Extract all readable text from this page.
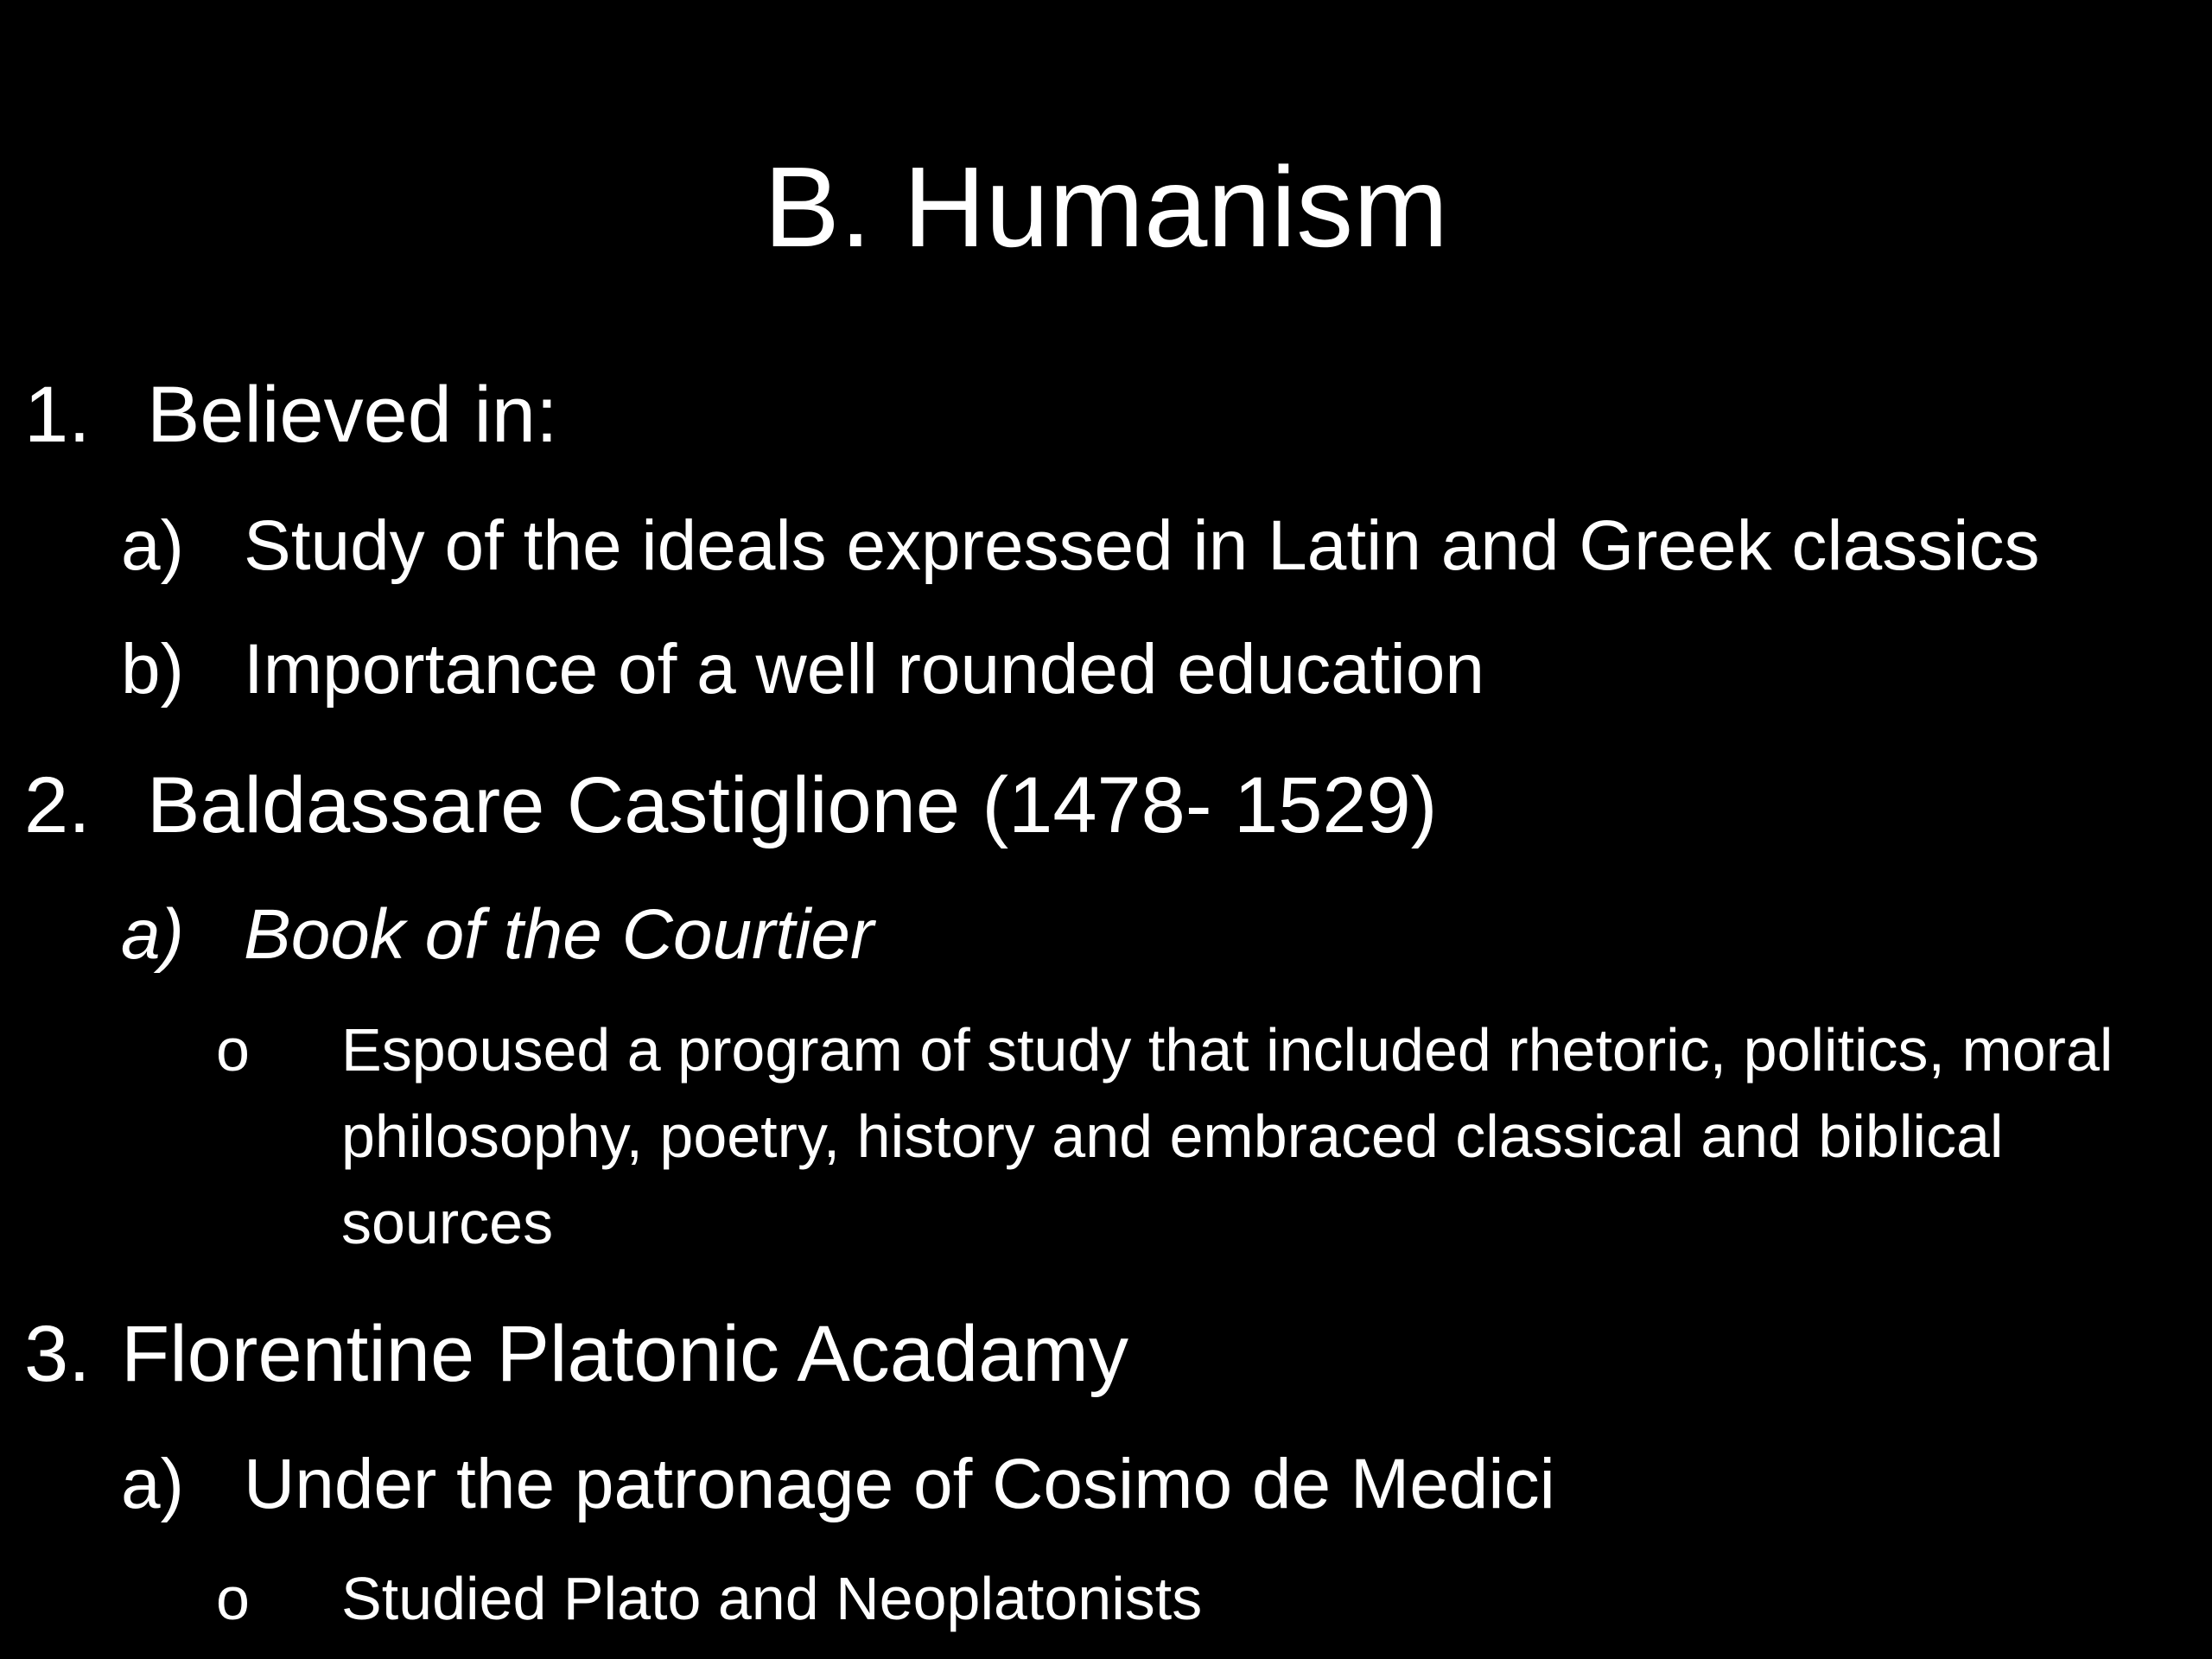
B. Humanism
1. Believed in:
a) Study of the ideals expressed in Latin and Greek classics
b) Importance of a well rounded education
2. Baldassare Castiglione (1478- 1529)
a) Book of the Courtier
o Espoused a program of study that included rhetoric, politics, moral philosophy, poetry, history and embraced classical and biblical sources
3. Florentine Platonic Acadamy
a) Under the patronage of Cosimo de Medici
o Studied Plato and Neoplatonists
